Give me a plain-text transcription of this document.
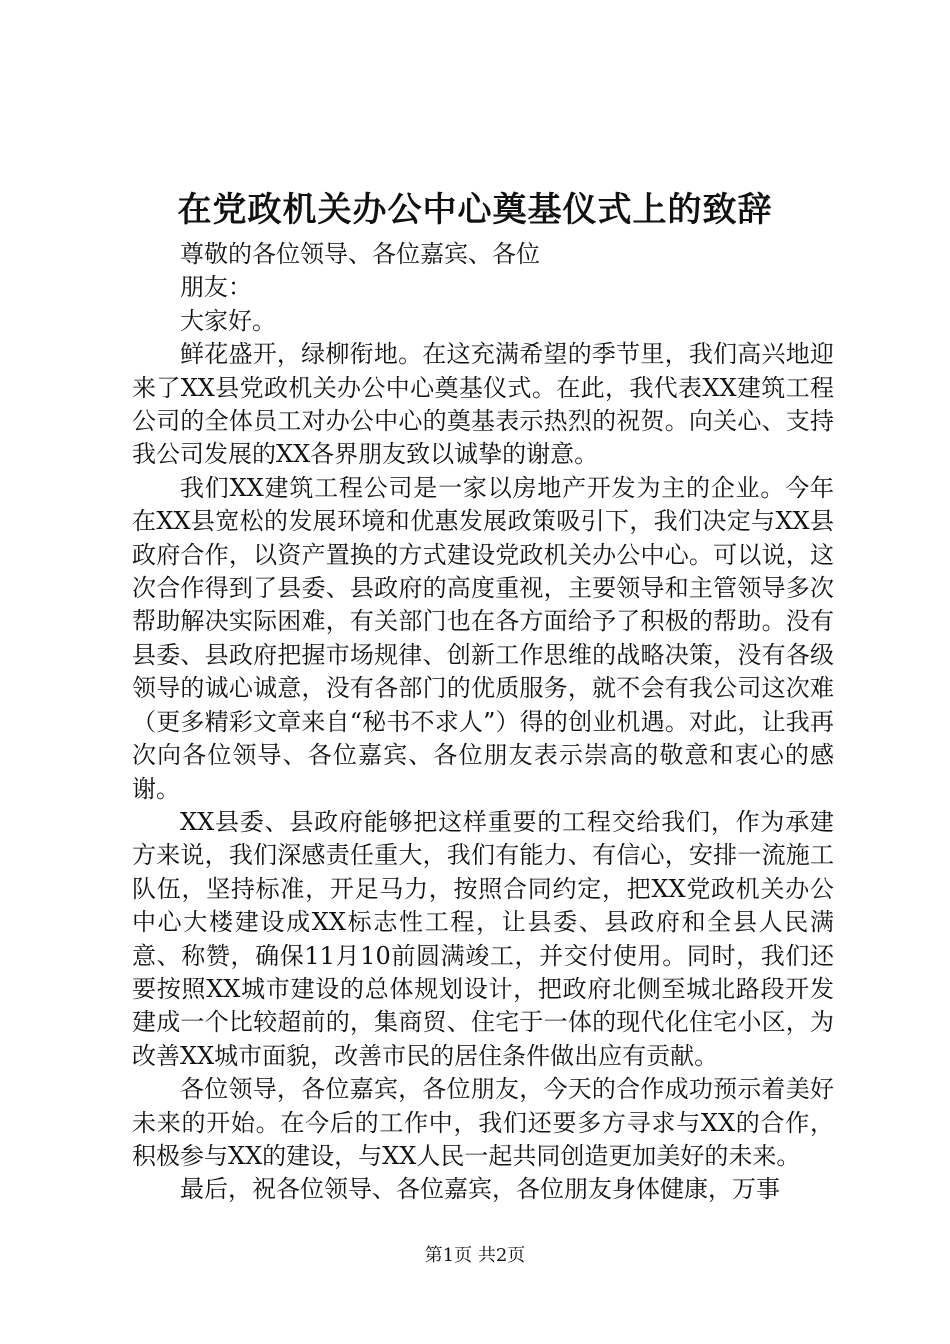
在党政机关办公中心奠基仪式上的致辞

尊敬的各位领导、各位嘉宾、各位

朋友：

大家好。

鲜花盛开，绿柳衔地。在这充满希望的季节里，我们高兴地迎来了XX县党政机关办公中心奠基仪式。在此，我代表XX建筑工程公司的全体员工对办公中心的奠基表示热烈的祝贺。向关心、支持我公司发展的XX各界朋友致以诚挚的谢意。

我们XX建筑工程公司是一家以房地产开发为主的企业。今年在XX县宽松的发展环境和优惠发展政策吸引下，我们决定与XX县政府合作，以资产置换的方式建设党政机关办公中心。可以说，这次合作得到了县委、县政府的高度重视，主要领导和主管领导多次帮助解决实际困难，有关部门也在各方面给予了积极的帮助。没有县委、县政府把握市场规律、创新工作思维的战略决策，没有各级领导的诚心诚意，没有各部门的优质服务，就不会有我公司这次难（更多精彩文章来自“秘书不求人”）得的创业机遇。对此，让我再次向各位领导、各位嘉宾、各位朋友表示崇高的敬意和衷心的感谢。

XX县委、县政府能够把这样重要的工程交给我们，作为承建方来说，我们深感责任重大，我们有能力、有信心，安排一流施工队伍，坚持标准，开足马力，按照合同约定，把XX党政机关办公中心大楼建设成XX标志性工程，让县委、县政府和全县人民满意、称赞，确保11月10前圆满竣工，并交付使用。同时，我们还要按照XX城市建设的总体规划设计，把政府北侧至城北路段开发建成一个比较超前的，集商贸、住宅于一体的现代化住宅小区，为改善XX城市面貌，改善市民的居住条件做出应有贡献。

各位领导，各位嘉宾，各位朋友，今天的合作成功预示着美好未来的开始。在今后的工作中，我们还要多方寻求与XX的合作，积极参与XX的建设，与XX人民一起共同创造更加美好的未来。

最后，祝各位领导、各位嘉宾，各位朋友身体健康，万事

第1页 共2页
